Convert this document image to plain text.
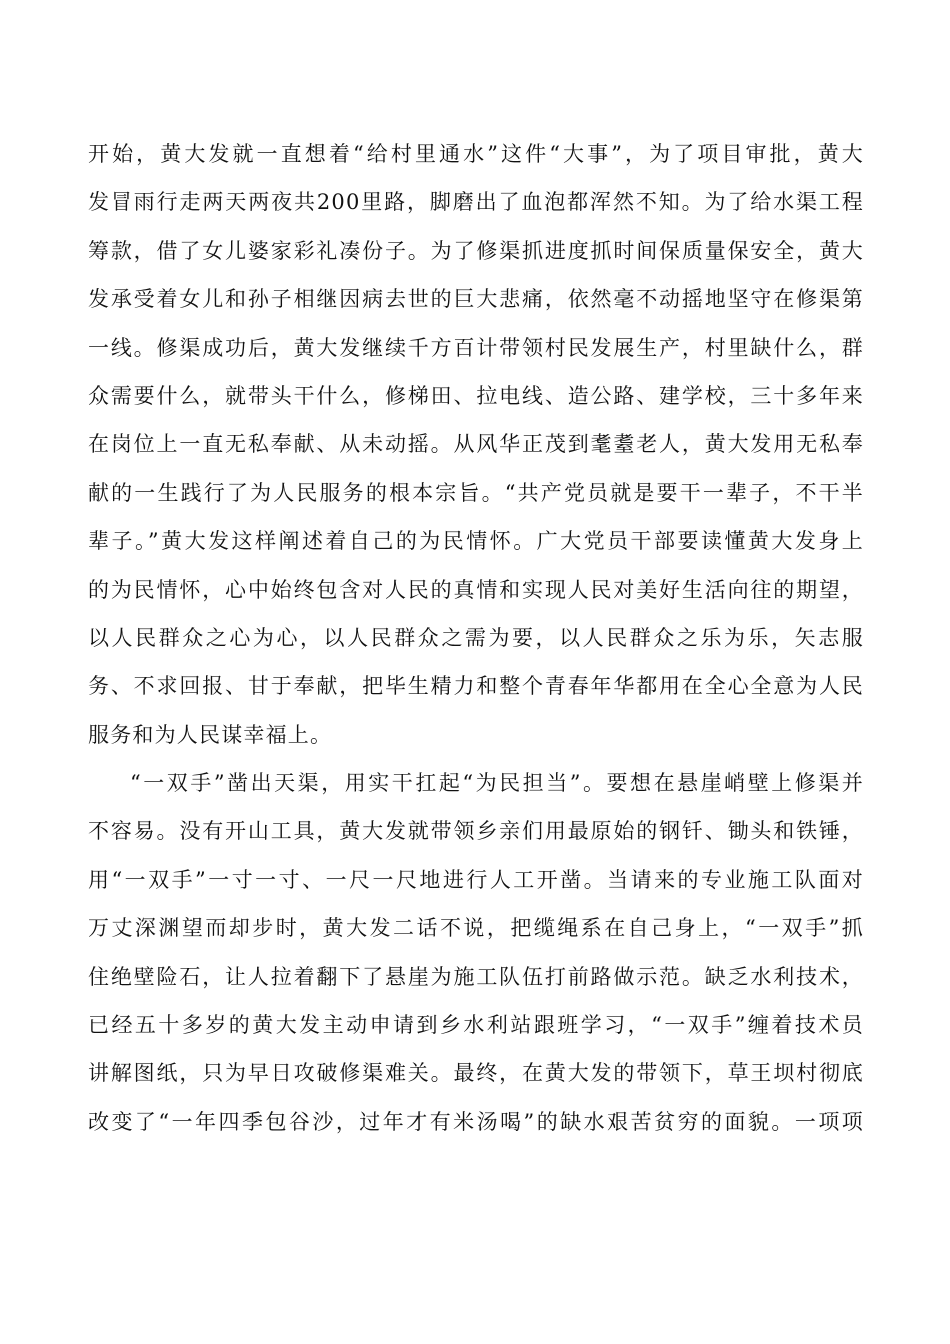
开始，黄大发就一直想着“给村里通水”这件“大事”，为了项目审批，黄大
发冒雨行走两天两夜共200里路，脚磨出了血泡都浑然不知。为了给水渠工程
筹款，借了女儿婆家彩礼凑份子。为了修渠抓进度抓时间保质量保安全，黄大
发承受着女儿和孙子相继因病去世的巨大悲痛，依然毫不动摇地坚守在修渠第
一线。修渠成功后，黄大发继续千方百计带领村民发展生产，村里缺什么，群
众需要什么，就带头干什么，修梯田、拉电线、造公路、建学校，三十多年来
在岗位上一直无私奉献、从未动摇。从风华正茂到耄耋老人，黄大发用无私奉
献的一生践行了为人民服务的根本宗旨。“共产党员就是要干一辈子，不干半
辈子。”黄大发这样阐述着自己的为民情怀。广大党员干部要读懂黄大发身上
的为民情怀，心中始终包含对人民的真情和实现人民对美好生活向往的期望，
以人民群众之心为心，以人民群众之需为要，以人民群众之乐为乐，矢志服
务、不求回报、甘于奉献，把毕生精力和整个青春年华都用在全心全意为人民
服务和为人民谋幸福上。
“一双手”凿出天渠，用实干扛起“为民担当”。要想在悬崖峭壁上修渠并
不容易。没有开山工具，黄大发就带领乡亲们用最原始的钢钎、锄头和铁锤，
用“一双手”一寸一寸、一尺一尺地进行人工开凿。当请来的专业施工队面对
万丈深渊望而却步时，黄大发二话不说，把缆绳系在自己身上，“一双手”抓
住绝壁险石，让人拉着翻下了悬崖为施工队伍打前路做示范。缺乏水利技术，
已经五十多岁的黄大发主动申请到乡水利站跟班学习，“一双手”缠着技术员
讲解图纸，只为早日攻破修渠难关。最终，在黄大发的带领下，草王坝村彻底
改变了“一年四季包谷沙，过年才有米汤喝”的缺水艰苦贫穷的面貌。一项项
